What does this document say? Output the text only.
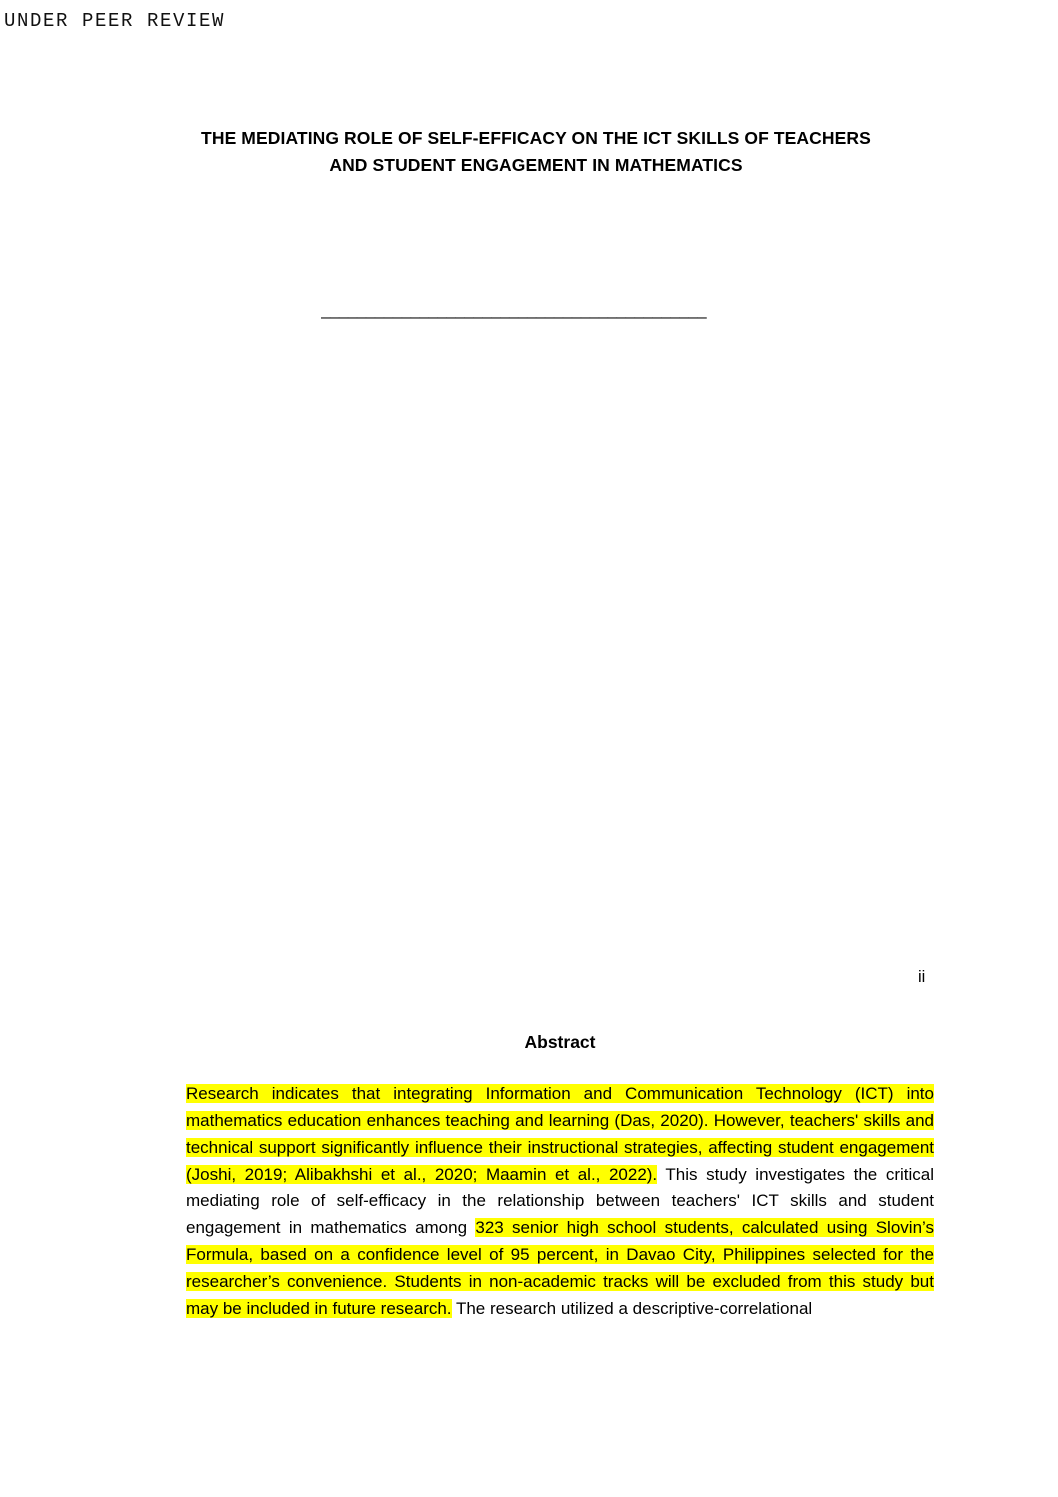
UNDER PEER REVIEW
THE MEDIATING ROLE OF SELF-EFFICACY ON THE ICT SKILLS OF TEACHERS AND STUDENT ENGAGEMENT IN MATHEMATICS
___________________________________________
ii
Abstract
Research indicates that integrating Information and Communication Technology (ICT) into mathematics education enhances teaching and learning (Das, 2020). However, teachers' skills and technical support significantly influence their instructional strategies, affecting student engagement (Joshi, 2019; Alibakhshi et al., 2020; Maamin et al., 2022). This study investigates the critical mediating role of self-efficacy in the relationship between teachers' ICT skills and student engagement in mathematics among 323 senior high school students, calculated using Slovin’s Formula, based on a confidence level of 95 percent, in Davao City, Philippines selected for the researcher’s convenience. Students in non-academic tracks will be excluded from this study but may be included in future research. The research utilized a descriptive-correlational
